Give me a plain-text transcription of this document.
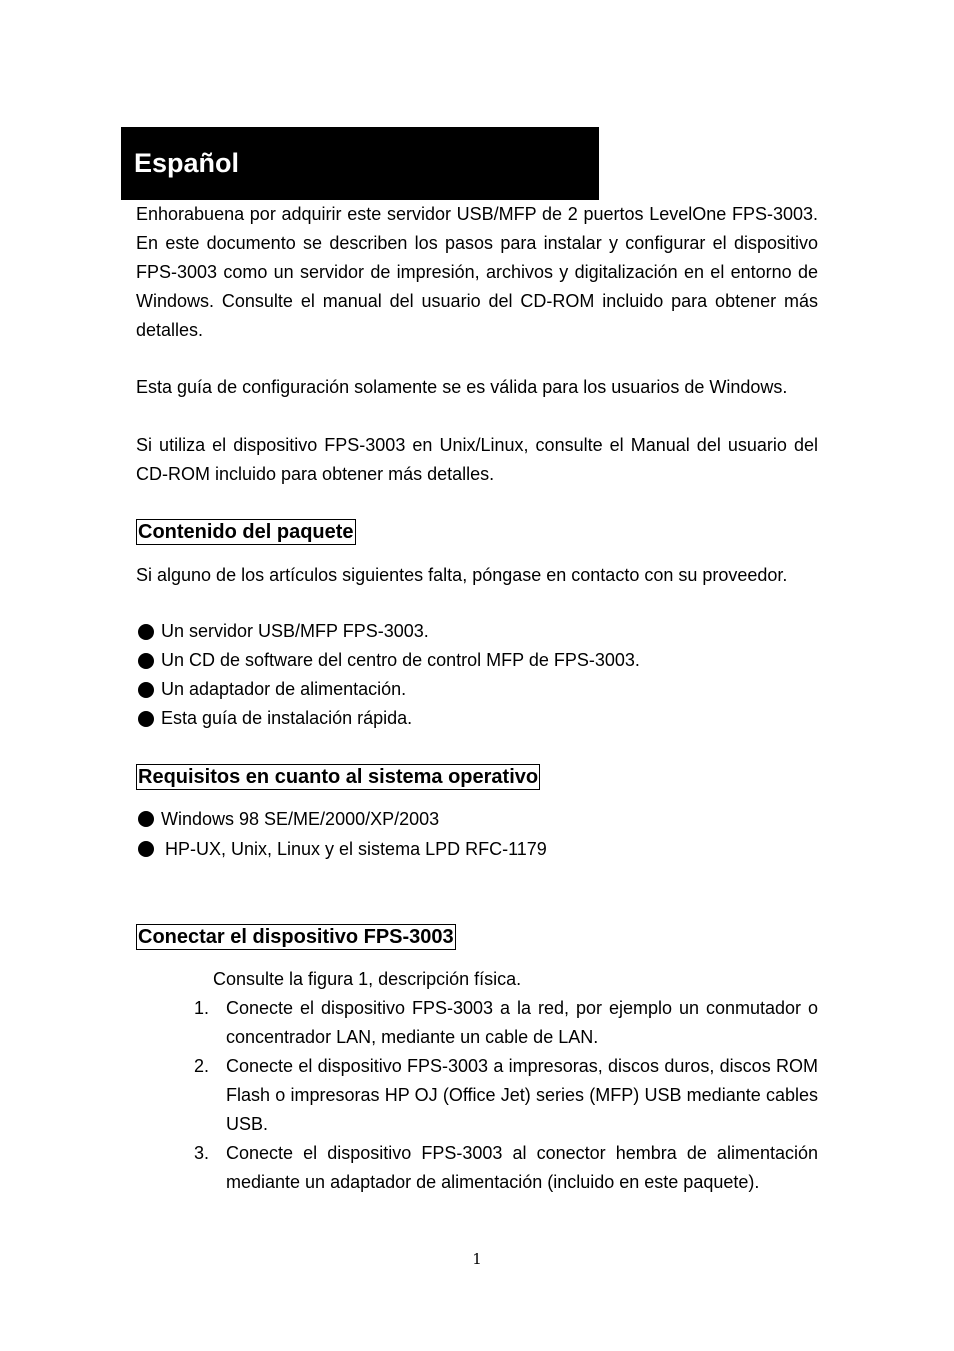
Español

Enhorabuena por adquirir este servidor USB/MFP de 2 puertos LevelOne FPS-3003. En este documento se describen los pasos para instalar y configurar el dispositivo FPS-3003 como un servidor de impresión, archivos y digitalización en el entorno de Windows. Consulte el manual del usuario del CD-ROM incluido para obtener más detalles.

Esta guía de configuración solamente se es válida para los usuarios de Windows.

Si utiliza el dispositivo FPS-3003 en Unix/Linux, consulte el Manual del usuario del CD-ROM incluido para obtener más detalles.

Contenido del paquete

Si alguno de los artículos siguientes falta, póngase en contacto con su proveedor.

Un servidor USB/MFP FPS-3003.
Un CD de software del centro de control MFP de FPS-3003.
Un adaptador de alimentación.
Esta guía de instalación rápida.
Requisitos en cuanto al sistema operativo
Windows 98 SE/ME/2000/XP/2003
HP-UX, Unix, Linux y el sistema LPD RFC-1179
Conectar el dispositivo FPS-3003
Consulte la figura 1, descripción física.
1. Conecte el dispositivo FPS-3003 a la red, por ejemplo un conmutador o concentrador LAN, mediante un cable de LAN.
2. Conecte el dispositivo FPS-3003 a impresoras, discos duros, discos ROM Flash o impresoras HP OJ (Office Jet) series (MFP) USB mediante cables USB.
3. Conecte el dispositivo FPS-3003 al conector hembra de alimentación mediante un adaptador de alimentación (incluido en este paquete).
1
